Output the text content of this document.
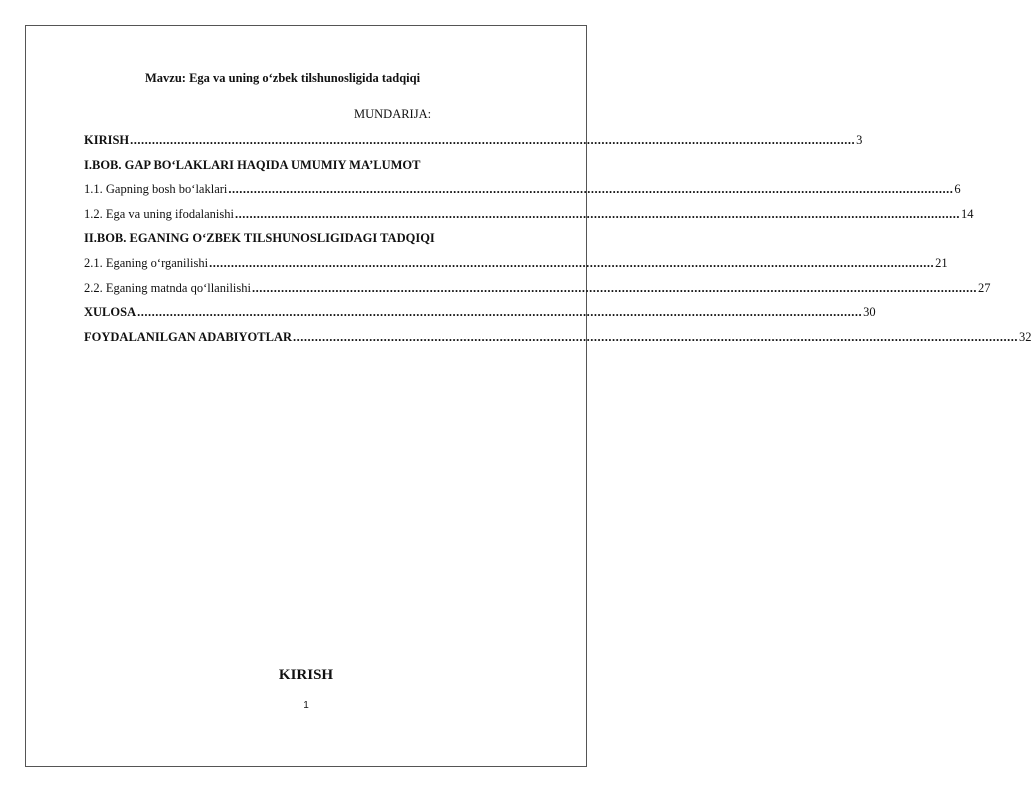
Mavzu: Ega va uning o‘zbek tilshunosligida tadqiqi
MUNDARIJA:
KIRISH ........................................................................................................................................................................................................ 3
I.BOB. GAP BO‘LAKLARI HAQIDA UMUMIY MA’LUMOT
1.1. Gapning bosh bo‘laklari ........................................................................................................................................................................................................ 6
1.2. Ega va uning ifodalanishi ........................................................................................................................................................................................................ 14
II.BOB. EGANING O‘ZBEK TILSHUNOSLIGIDAGI TADQIQI
2.1. Eganing o‘rganilishi ........................................................................................................................................................................................................ 21
2.2. Eganing matnda qo‘llanilishi ........................................................................................................................................................................................................ 27
XULOSA ........................................................................................................................................................................................................ 30
FOYDALANILGAN ADABIYOTLAR ........................................................................................................................................................................................................ 32
KIRISH
1
